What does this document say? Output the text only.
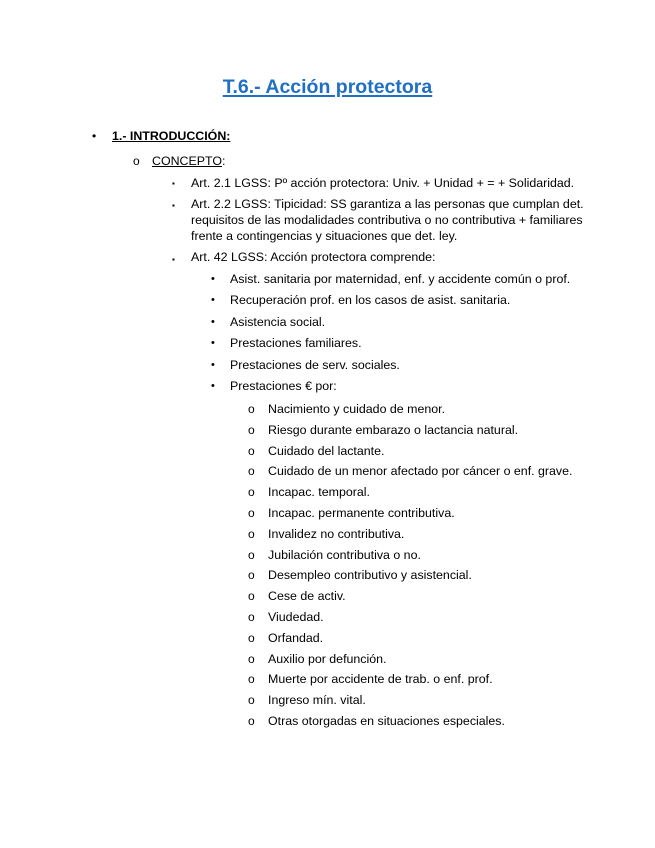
T.6.- Acción protectora
• 1.- INTRODUCCIÓN:
o CONCEPTO:
▪ Art. 2.1 LGSS: Pº acción protectora: Univ. + Unidad + = + Solidaridad.
▪ Art. 2.2 LGSS: Tipicidad: SS garantiza a las personas que cumplan det. requisitos de las modalidades contributiva o no contributiva + familiares frente a contingencias y situaciones que det. ley.
▪ Art. 42 LGSS: Acción protectora comprende:
• Asist. sanitaria por maternidad, enf. y accidente común o prof.
• Recuperación prof. en los casos de asist. sanitaria.
• Asistencia social.
• Prestaciones familiares.
• Prestaciones de serv. sociales.
• Prestaciones € por:
o Nacimiento y cuidado de menor.
o Riesgo durante embarazo o lactancia natural.
o Cuidado del lactante.
o Cuidado de un menor afectado por cáncer o enf. grave.
o Incapac. temporal.
o Incapac. permanente contributiva.
o Invalidez no contributiva.
o Jubilación contributiva o no.
o Desempleo contributivo y asistencial.
o Cese de activ.
o Viudedad.
o Orfandad.
o Auxilio por defunción.
o Muerte por accidente de trab. o enf. prof.
o Ingreso mín. vital.
o Otras otorgadas en situaciones especiales.
